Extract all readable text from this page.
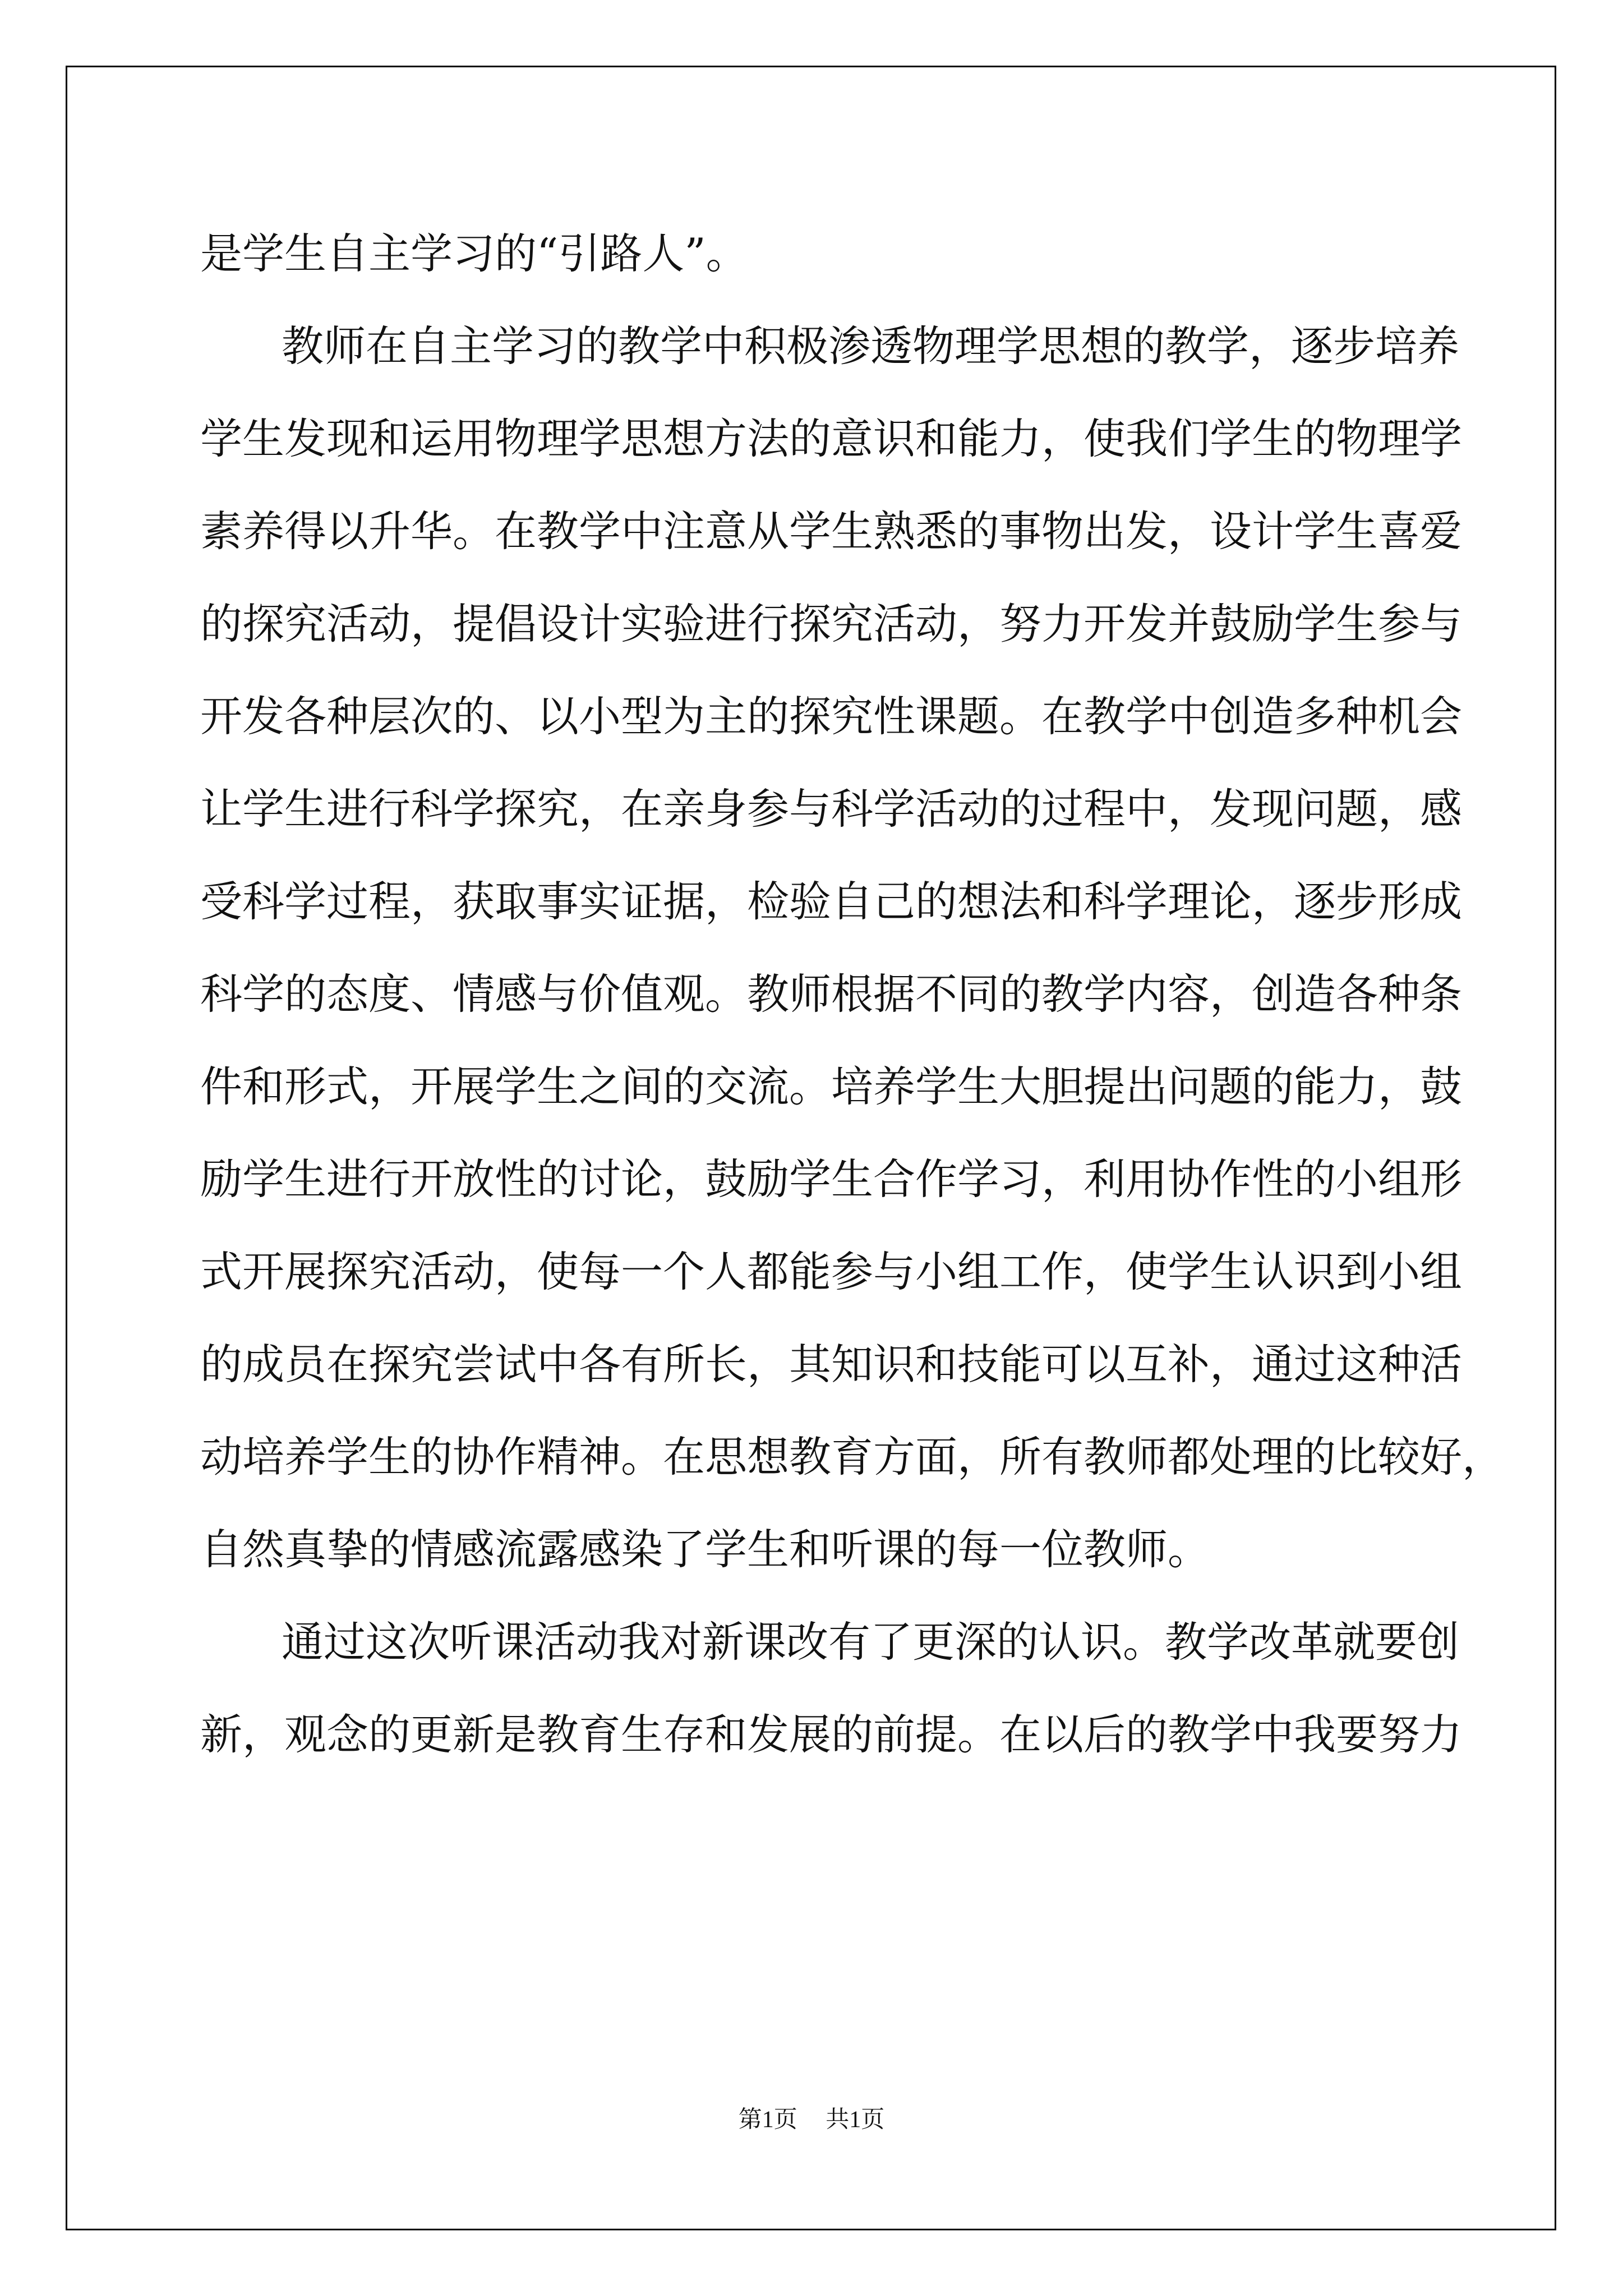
是学生自主学习的“引路人”。
教师在自主学习的教学中积极渗透物理学思想的教学，逐步培养
学生发现和运用物理学思想方法的意识和能力，使我们学生的物理学
素养得以升华。在教学中注意从学生熟悉的事物出发，设计学生喜爱
的探究活动，提倡设计实验进行探究活动，努力开发并鼓励学生参与
开发各种层次的、以小型为主的探究性课题。在教学中创造多种机会
让学生进行科学探究，在亲身参与科学活动的过程中，发现问题，感
受科学过程，获取事实证据，检验自己的想法和科学理论，逐步形成
科学的态度、情感与价值观。教师根据不同的教学内容，创造各种条
件和形式，开展学生之间的交流。培养学生大胆提出问题的能力，鼓
励学生进行开放性的讨论，鼓励学生合作学习，利用协作性的小组形
式开展探究活动，使每一个人都能参与小组工作，使学生认识到小组
的成员在探究尝试中各有所长，其知识和技能可以互补，通过这种活
动培养学生的协作精神。在思想教育方面，所有教师都处理的比较好，
自然真挚的情感流露感染了学生和听课的每一位教师。
通过这次听课活动我对新课改有了更深的认识。教学改革就要创
新，观念的更新是教育生存和发展的前提。在以后的教学中我要努力
第1页 共1页
